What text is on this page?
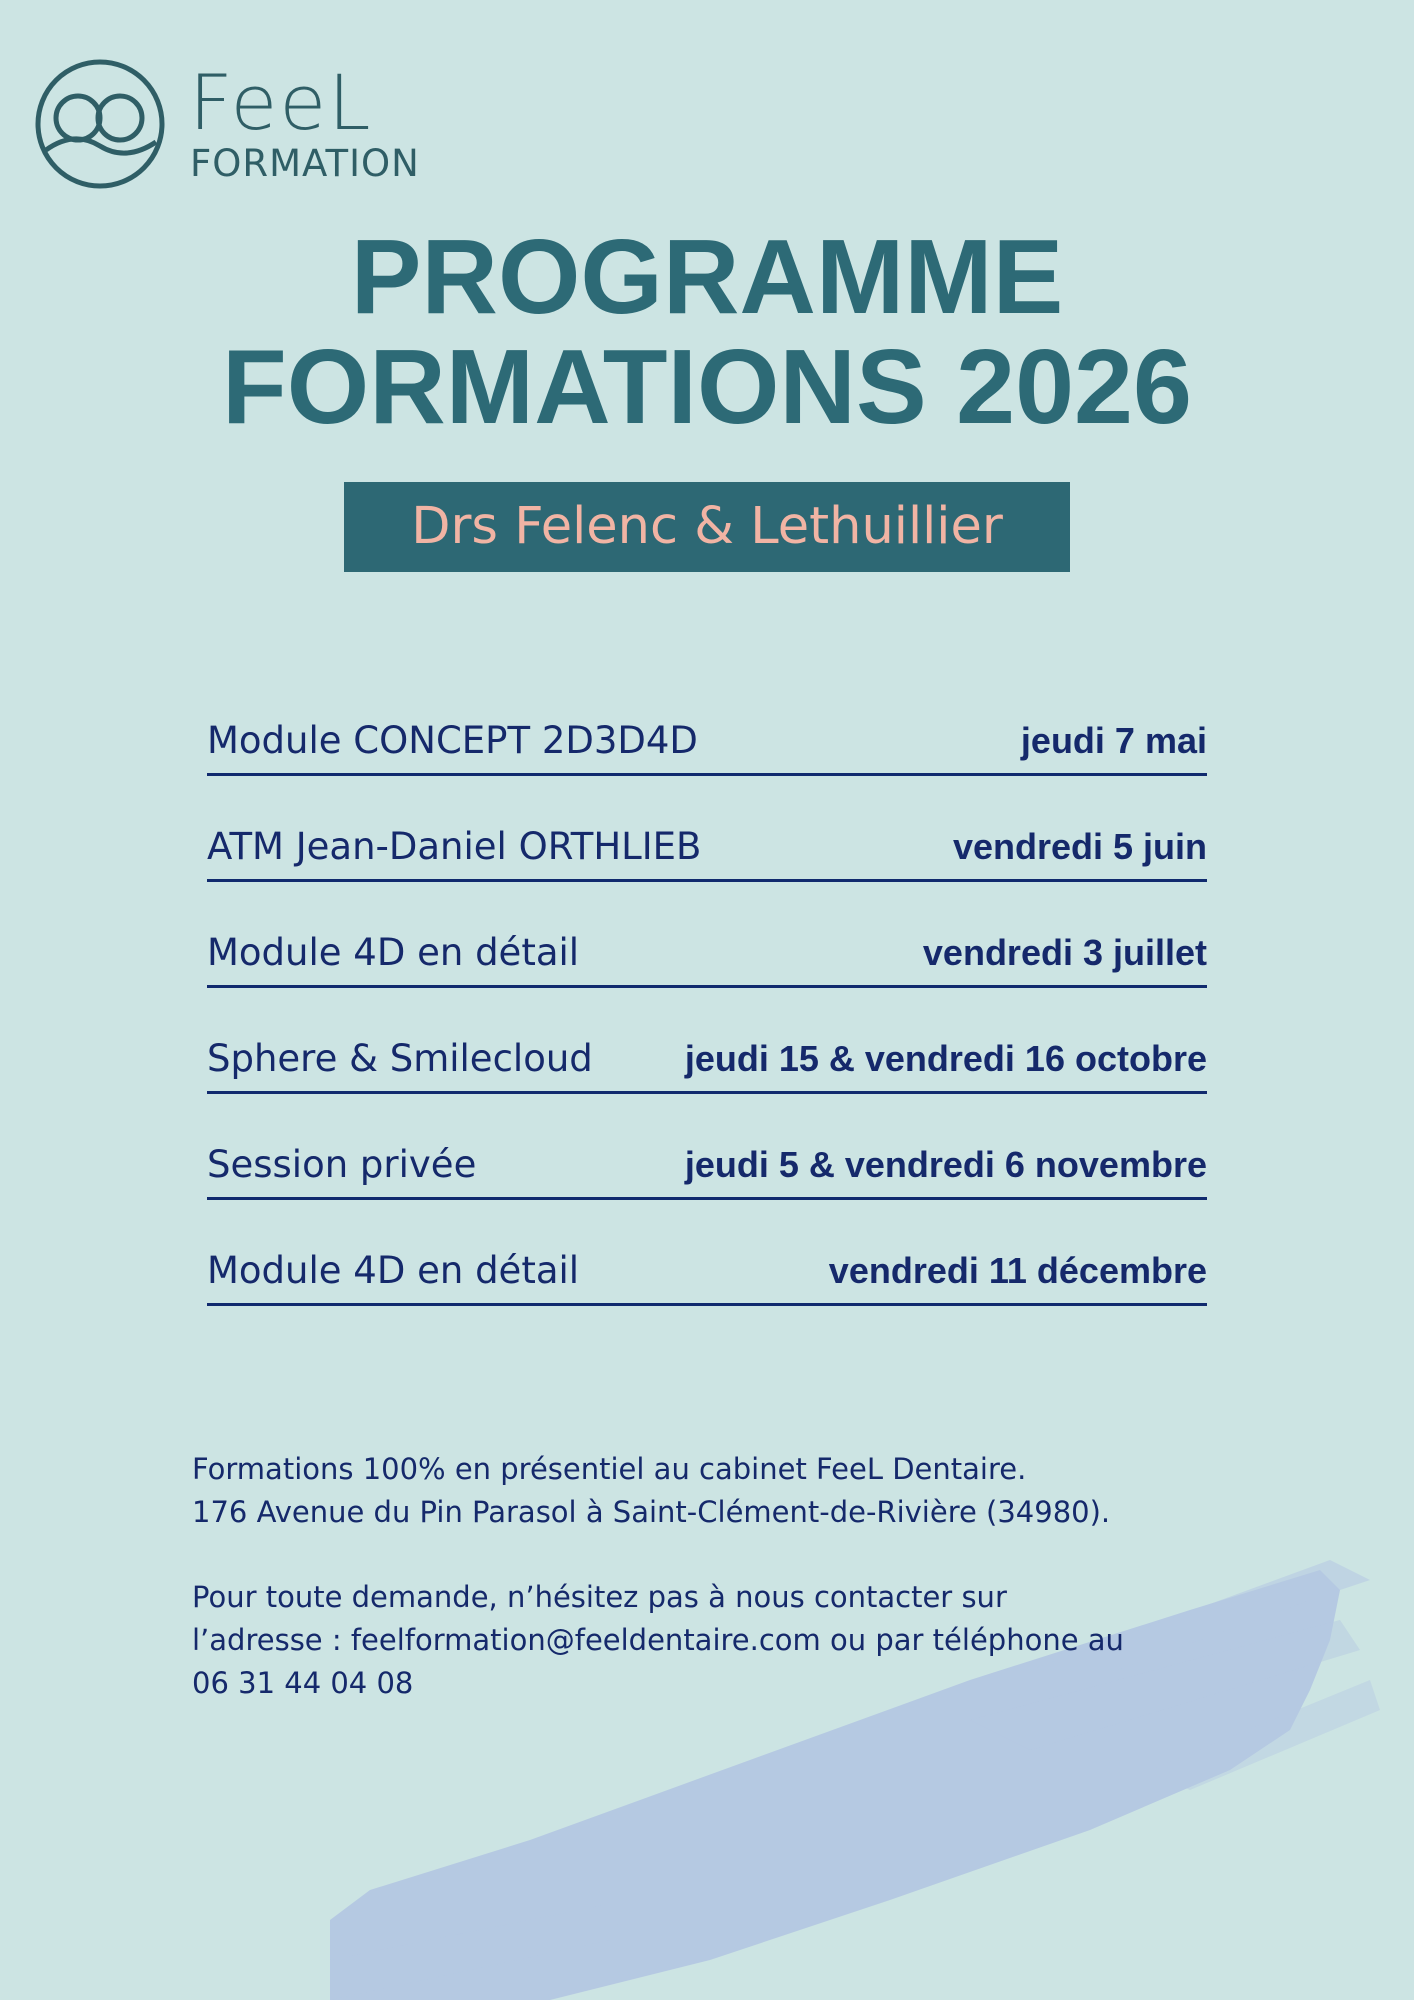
FeeL
FORMATION
PROGRAMME
FORMATIONS 2026
Drs Felenc & Lethuillier
Module CONCEPT 2D3D4D	jeudi 7 mai
ATM Jean-Daniel ORTHLIEB	vendredi 5 juin
Module 4D en détail	vendredi 3 juillet
Sphere & Smilecloud	jeudi 15 & vendredi 16 octobre
Session privée	jeudi 5 & vendredi 6 novembre
Module 4D en détail	vendredi 11 décembre

Formations 100% en présentiel au cabinet FeeL Dentaire.
176 Avenue du Pin Parasol à Saint-Clément-de-Rivière (34980).

Pour toute demande, n’hésitez pas à nous contacter sur
l’adresse : feelformation@feeldentaire.com ou par téléphone au
06 31 44 04 08
